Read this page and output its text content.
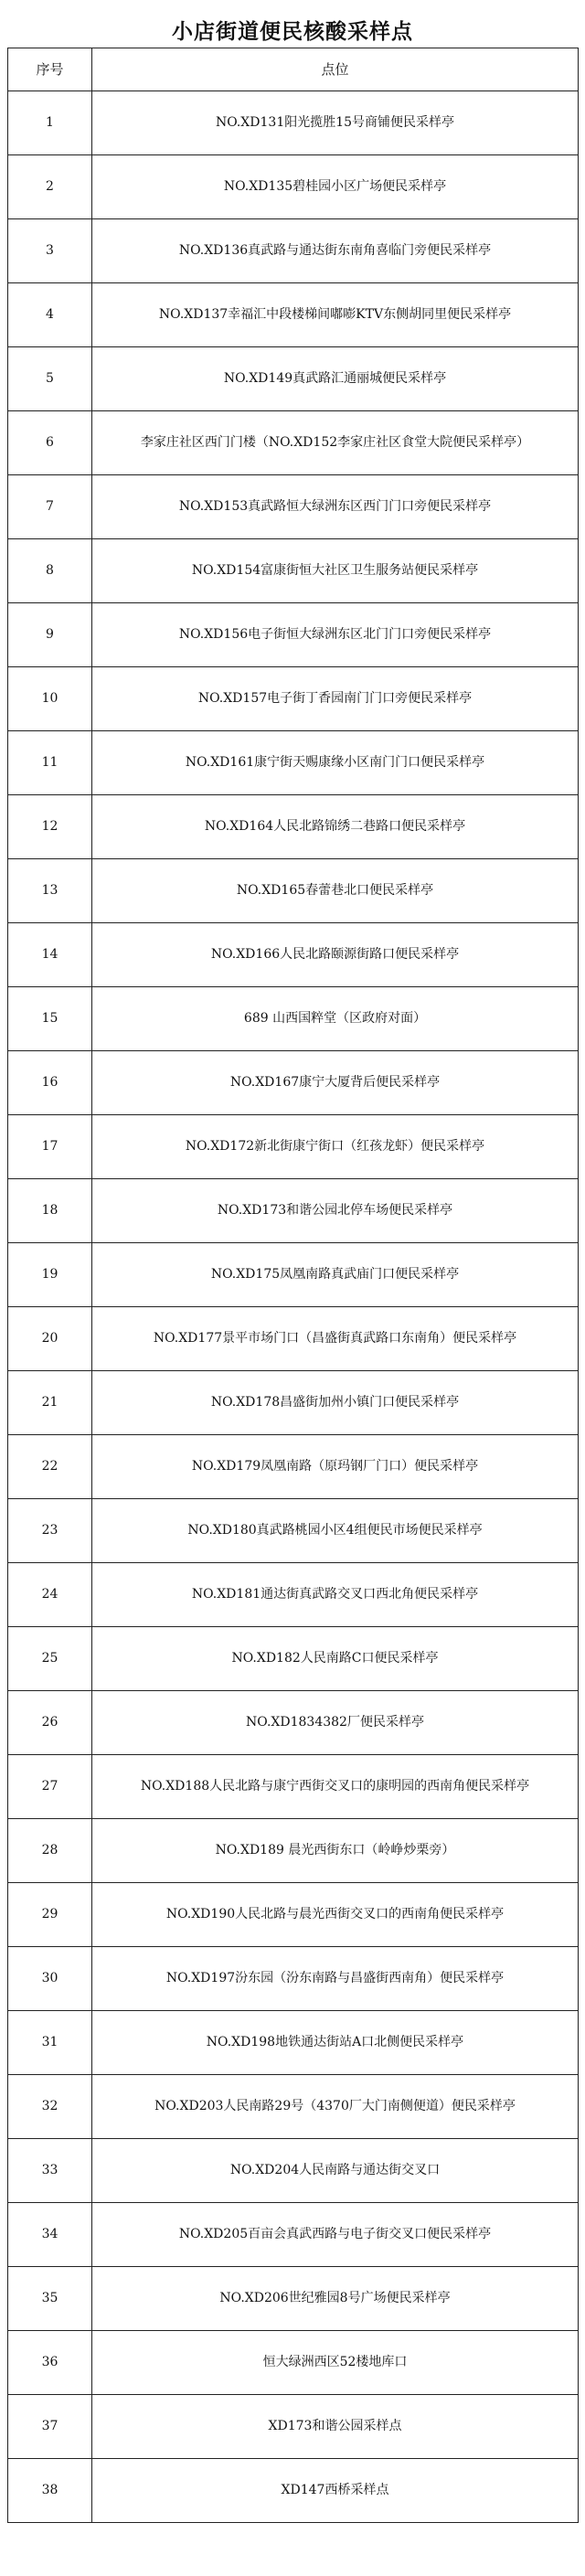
小店街道便民核酸采样点
序号	点位
1	NO.XD131阳光揽胜15号商铺便民采样亭
2	NO.XD135碧桂园小区广场便民采样亭
3	NO.XD136真武路与通达街东南角喜临门旁便民采样亭
4	NO.XD137幸福汇中段楼梯间嘟嘭KTV东侧胡同里便民采样亭
5	NO.XD149真武路汇通丽城便民采样亭
6	李家庄社区西门门楼（NO.XD152李家庄社区食堂大院便民采样亭）
7	NO.XD153真武路恒大绿洲东区西门门口旁便民采样亭
8	NO.XD154富康街恒大社区卫生服务站便民采样亭
9	NO.XD156电子街恒大绿洲东区北门门口旁便民采样亭
10	NO.XD157电子街丁香园南门门口旁便民采样亭
11	NO.XD161康宁街天赐康缘小区南门门口便民采样亭
12	NO.XD164人民北路锦绣二巷路口便民采样亭
13	NO.XD165春蕾巷北口便民采样亭
14	NO.XD166人民北路颐源街路口便民采样亭
15	689 山西国粹堂（区政府对面）
16	NO.XD167康宁大厦背后便民采样亭
17	NO.XD172新北街康宁街口（红孩龙虾）便民采样亭
18	NO.XD173和谐公园北停车场便民采样亭
19	NO.XD175凤凰南路真武庙门口便民采样亭
20	NO.XD177景平市场门口（昌盛街真武路口东南角）便民采样亭
21	NO.XD178昌盛街加州小镇门口便民采样亭
22	NO.XD179凤凰南路（原玛钢厂门口）便民采样亭
23	NO.XD180真武路桃园小区4组便民市场便民采样亭
24	NO.XD181通达街真武路交叉口西北角便民采样亭
25	NO.XD182人民南路C口便民采样亭
26	NO.XD1834382厂便民采样亭
27	NO.XD188人民北路与康宁西街交叉口的康明园的西南角便民采样亭
28	NO.XD189 晨光西街东口（岭峥炒栗旁）
29	NO.XD190人民北路与晨光西街交叉口的西南角便民采样亭
30	NO.XD197汾东园（汾东南路与昌盛街西南角）便民采样亭
31	NO.XD198地铁通达街站A口北侧便民采样亭
32	NO.XD203人民南路29号（4370厂大门南侧便道）便民采样亭
33	NO.XD204人民南路与通达街交叉口
34	NO.XD205百亩会真武西路与电子街交叉口便民采样亭
35	NO.XD206世纪雅园8号广场便民采样亭
36	恒大绿洲西区52楼地库口
37	XD173和谐公园采样点
38	XD147西桥采样点
